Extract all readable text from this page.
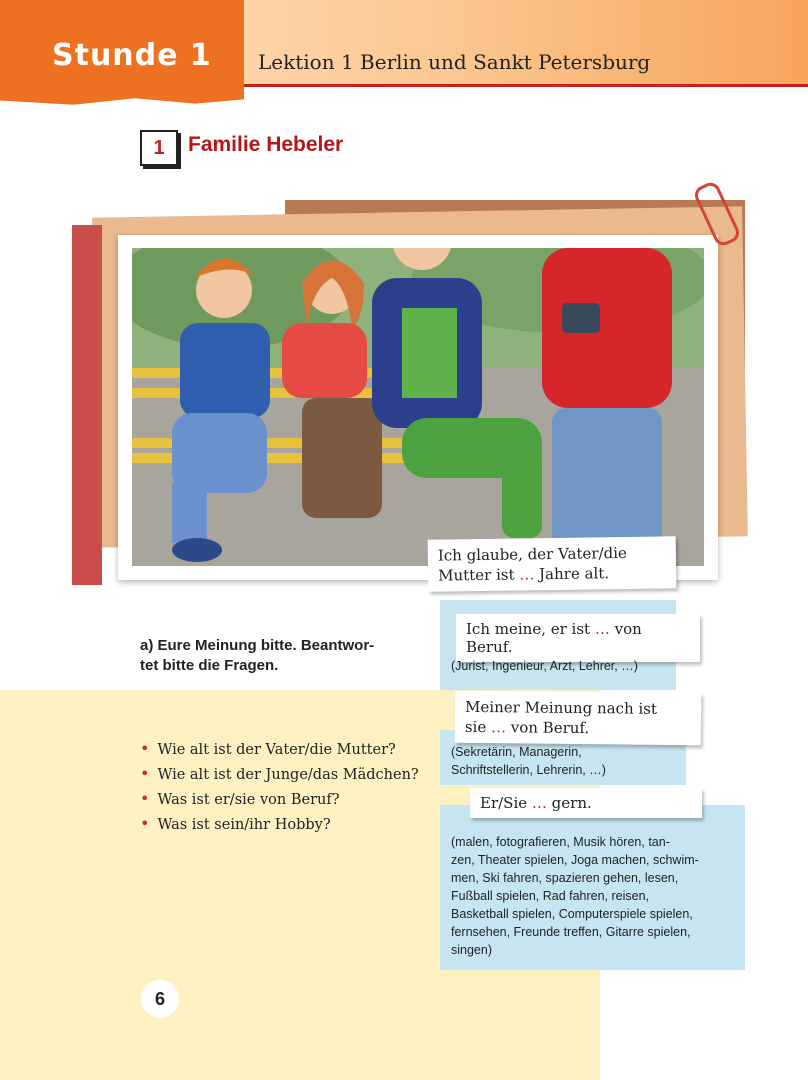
Stunde 1 Lektion 1 Berlin und Sankt Petersburg
1	Familie Hebeler
Ich glaube, der Vater/die
Mutter ist … Jahre alt.
Ich meine, er ist … von Beruf.
(Jurist, Ingenieur, Arzt, Lehrer, …)
Meiner Meinung nach ist
sie … von Beruf.
(Sekretärin, Managerin,
Schriftstellerin, Lehrerin, …)
Er/Sie … gern.
(malen, fotografieren, Musik hören, tan-
zen, Theater spielen, Joga machen, schwim-
men, Ski fahren, spazieren gehen, lesen,
Fußball spielen, Rad fahren, reisen,
Basketball spielen, Computerspiele spielen,
fernsehen, Freunde treffen, Gitarre spielen,
singen)
a) Eure Meinung bitte. Beantwor-
tet bitte die Fragen.
• Wie alt ist der Vater/die Mutter?
• Wie alt ist der Junge/das Mädchen?
• Was ist er/sie von Beruf?
• Was ist sein/ihr Hobby?
6
